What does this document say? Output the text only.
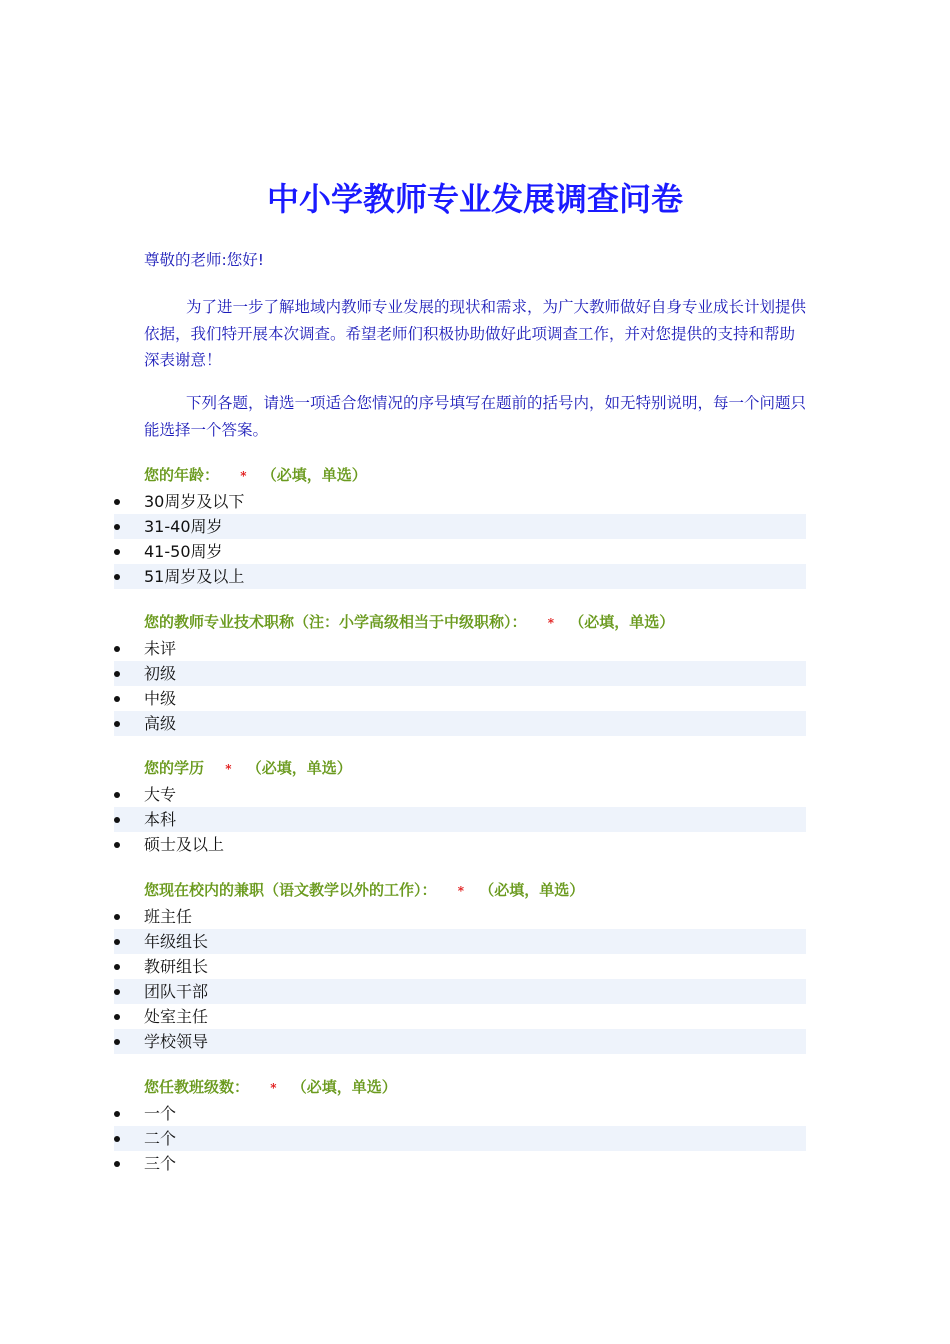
中小学教师专业发展调查问卷

尊敬的老师:您好!

为了进一步了解地域内教师专业发展的现状和需求，为广大教师做好自身专业成长计划提供依据，我们特开展本次调查。希望老师们积极协助做好此项调查工作，并对您提供的支持和帮助深表谢意！

下列各题，请选一项适合您情况的序号填写在题前的括号内，如无特别说明，每一个问题只能选择一个答案。

您的年龄： * （必填，单选）
30周岁及以下
31-40周岁
41-50周岁
51周岁及以上
您的教师专业技术职称（注：小学高级相当于中级职称）： * （必填，单选）
未评
初级
中级
高级
您的学历 * （必填，单选）
大专
本科
硕士及以上
您现在校内的兼职（语文教学以外的工作）： * （必填，单选）
班主任
年级组长
教研组长
团队干部
处室主任
学校领导
您任教班级数： * （必填，单选）
一个
二个
三个
